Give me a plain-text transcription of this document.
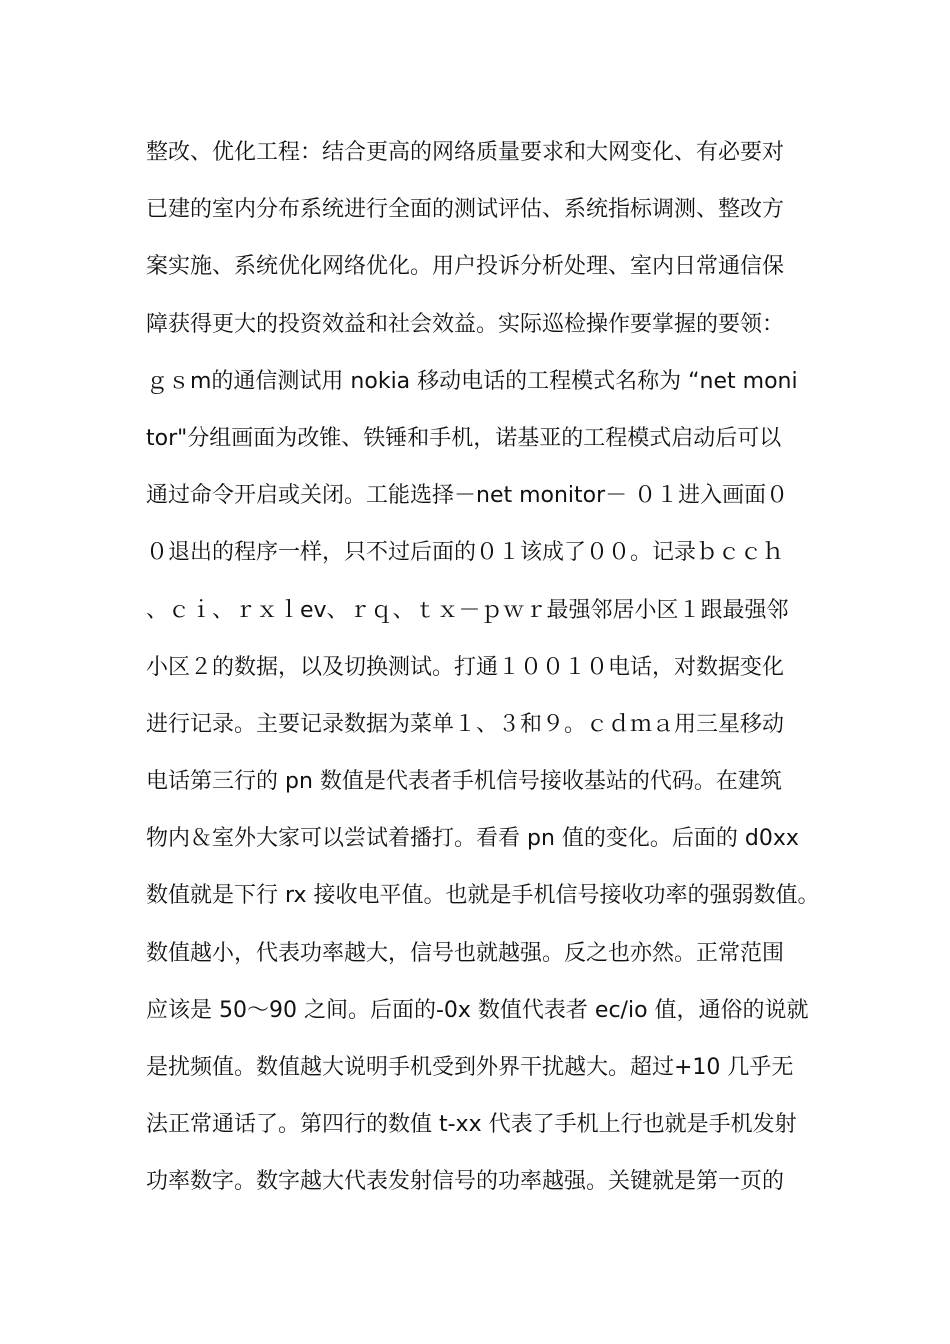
整改、优化工程：结合更高的网络质量要求和大网变化、有必要对
已建的室内分布系统进行全面的测试评估、系统指标调测、整改方
案实施、系统优化网络优化。用户投诉分析处理、室内日常通信保
障获得更大的投资效益和社会效益。实际巡检操作要掌握的要领：
ｇｓm的通信测试用 nokia 移动电话的工程模式名称为 “net moni
tor"分组画面为改锥、铁锤和手机，诺基亚的工程模式启动后可以
通过命令开启或关闭。工能选择－net monitor－ ０１进入画面０
０退出的程序一样，只不过后面的０１该成了００。记录ｂｃｃｈ
、ｃｉ、ｒｘｌev、ｒｑ、ｔｘ－ｐｗｒ最强邻居小区１跟最强邻
小区２的数据，以及切换测试。打通１００１０电话，对数据变化
进行记录。主要记录数据为菜单１、３和９。ｃｄｍａ用三星移动
电话第三行的 pn 数值是代表者手机信号接收基站的代码。在建筑
物内＆室外大家可以尝试着播打。看看 pn 值的变化。后面的 d0xx
数值就是下行 rx 接收电平值。也就是手机信号接收功率的强弱数值。
数值越小，代表功率越大，信号也就越强。反之也亦然。正常范围
应该是 50～90 之间。后面的-0x 数值代表者 ec/io 值，通俗的说就
是扰频值。数值越大说明手机受到外界干扰越大。超过+10 几乎无
法正常通话了。第四行的数值 t-xx 代表了手机上行也就是手机发射
功率数字。数字越大代表发射信号的功率越强。关键就是第一页的
